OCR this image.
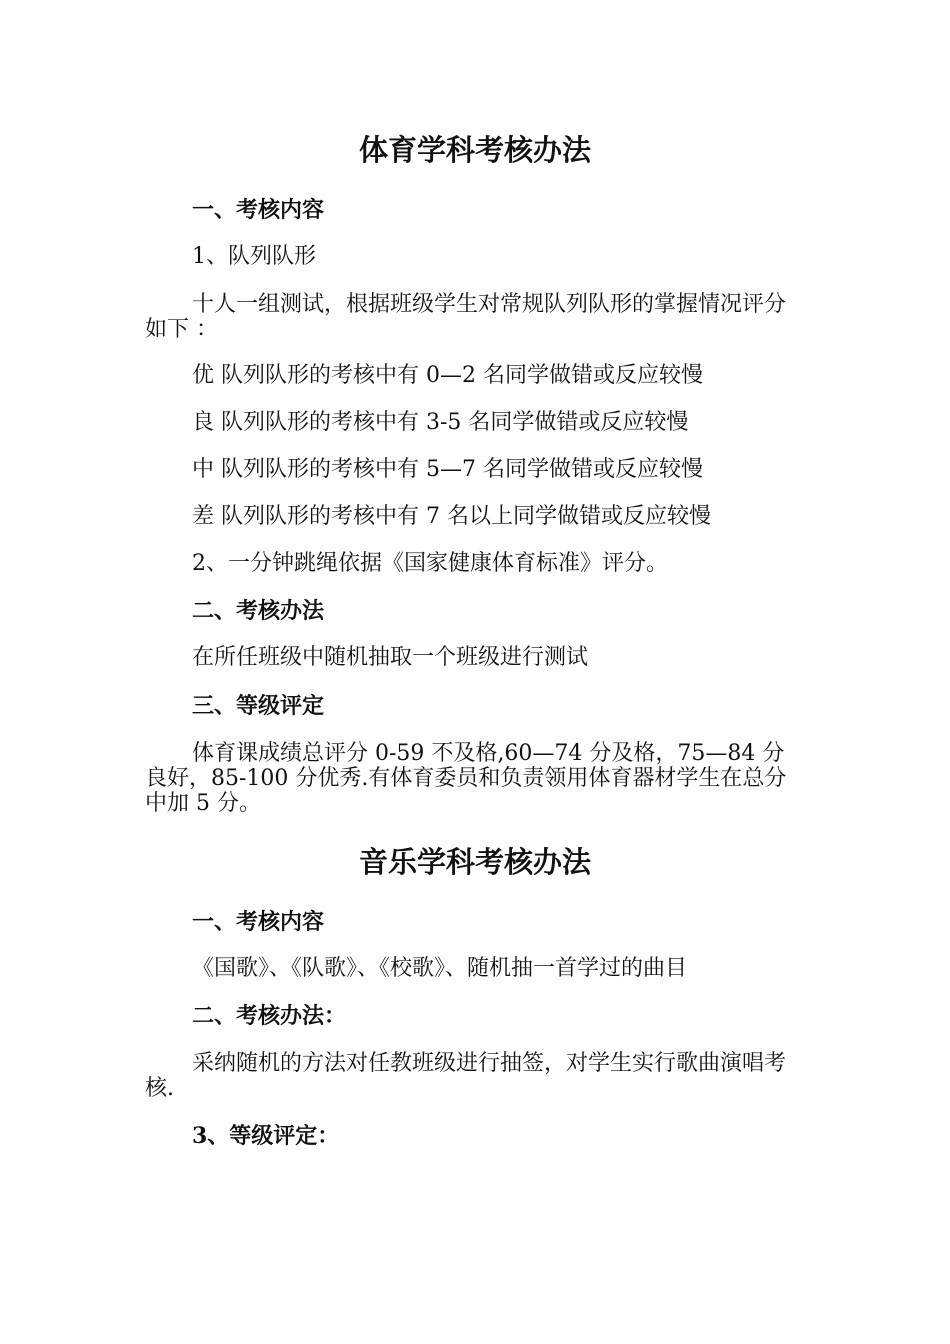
体育学科考核办法
一、考核内容
1、队列队形
十人一组测试，根据班级学生对常规队列队形的掌握情况评分如下 ：
优 队列队形的考核中有 0—2 名同学做错或反应较慢
良 队列队形的考核中有 3-5 名同学做错或反应较慢
中 队列队形的考核中有 5—7 名同学做错或反应较慢
差 队列队形的考核中有 7 名以上同学做错或反应较慢
2、一分钟跳绳依据《国家健康体育标准》评分。
二、考核办法
在所任班级中随机抽取一个班级进行测试
三、等级评定
体育课成绩总评分 0-59 不及格,60—74 分及格，75—84 分良好，85-100 分优秀.有体育委员和负责领用体育器材学生在总分中加 5 分。
音乐学科考核办法
一、考核内容
《国歌》、《队歌》、《校歌》、随机抽一首学过的曲目
二、考核办法：
采纳随机的方法对任教班级进行抽签，对学生实行歌曲演唱考核.
3、等级评定：
